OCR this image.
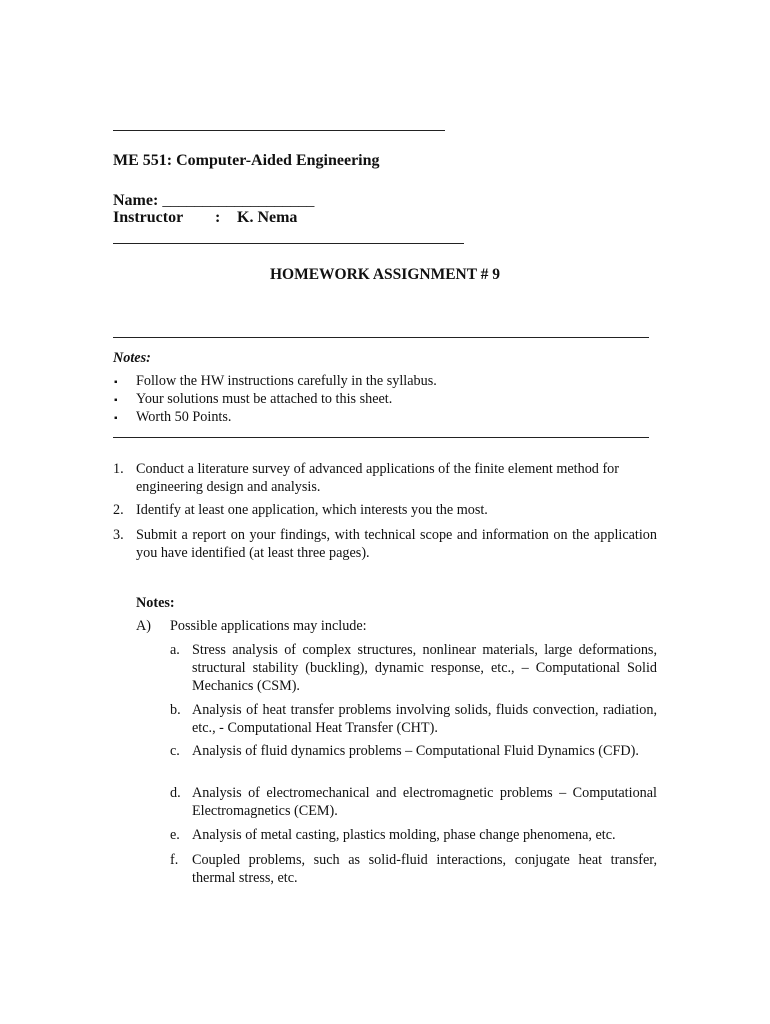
ME 551: Computer-Aided Engineering
Name: ___________________
Instructor : K. Nema
HOMEWORK ASSIGNMENT # 9
Notes:
▪ Follow the HW instructions carefully in the syllabus.
▪ Your solutions must be attached to this sheet.
▪ Worth 50 Points.
1. Conduct a literature survey of advanced applications of the finite element method for engineering design and analysis.
2. Identify at least one application, which interests you the most.
3. Submit a report on your findings, with technical scope and information on the application you have identified (at least three pages).
Notes:
A) Possible applications may include:
a. Stress analysis of complex structures, nonlinear materials, large deformations, structural stability (buckling), dynamic response, etc., – Computational Solid Mechanics (CSM).
b. Analysis of heat transfer problems involving solids, fluids convection, radiation, etc., - Computational Heat Transfer (CHT).
c. Analysis of fluid dynamics problems – Computational Fluid Dynamics (CFD).
d. Analysis of electromechanical and electromagnetic problems – Computational Electromagnetics (CEM).
e. Analysis of metal casting, plastics molding, phase change phenomena, etc.
f. Coupled problems, such as solid-fluid interactions, conjugate heat transfer, thermal stress, etc.
